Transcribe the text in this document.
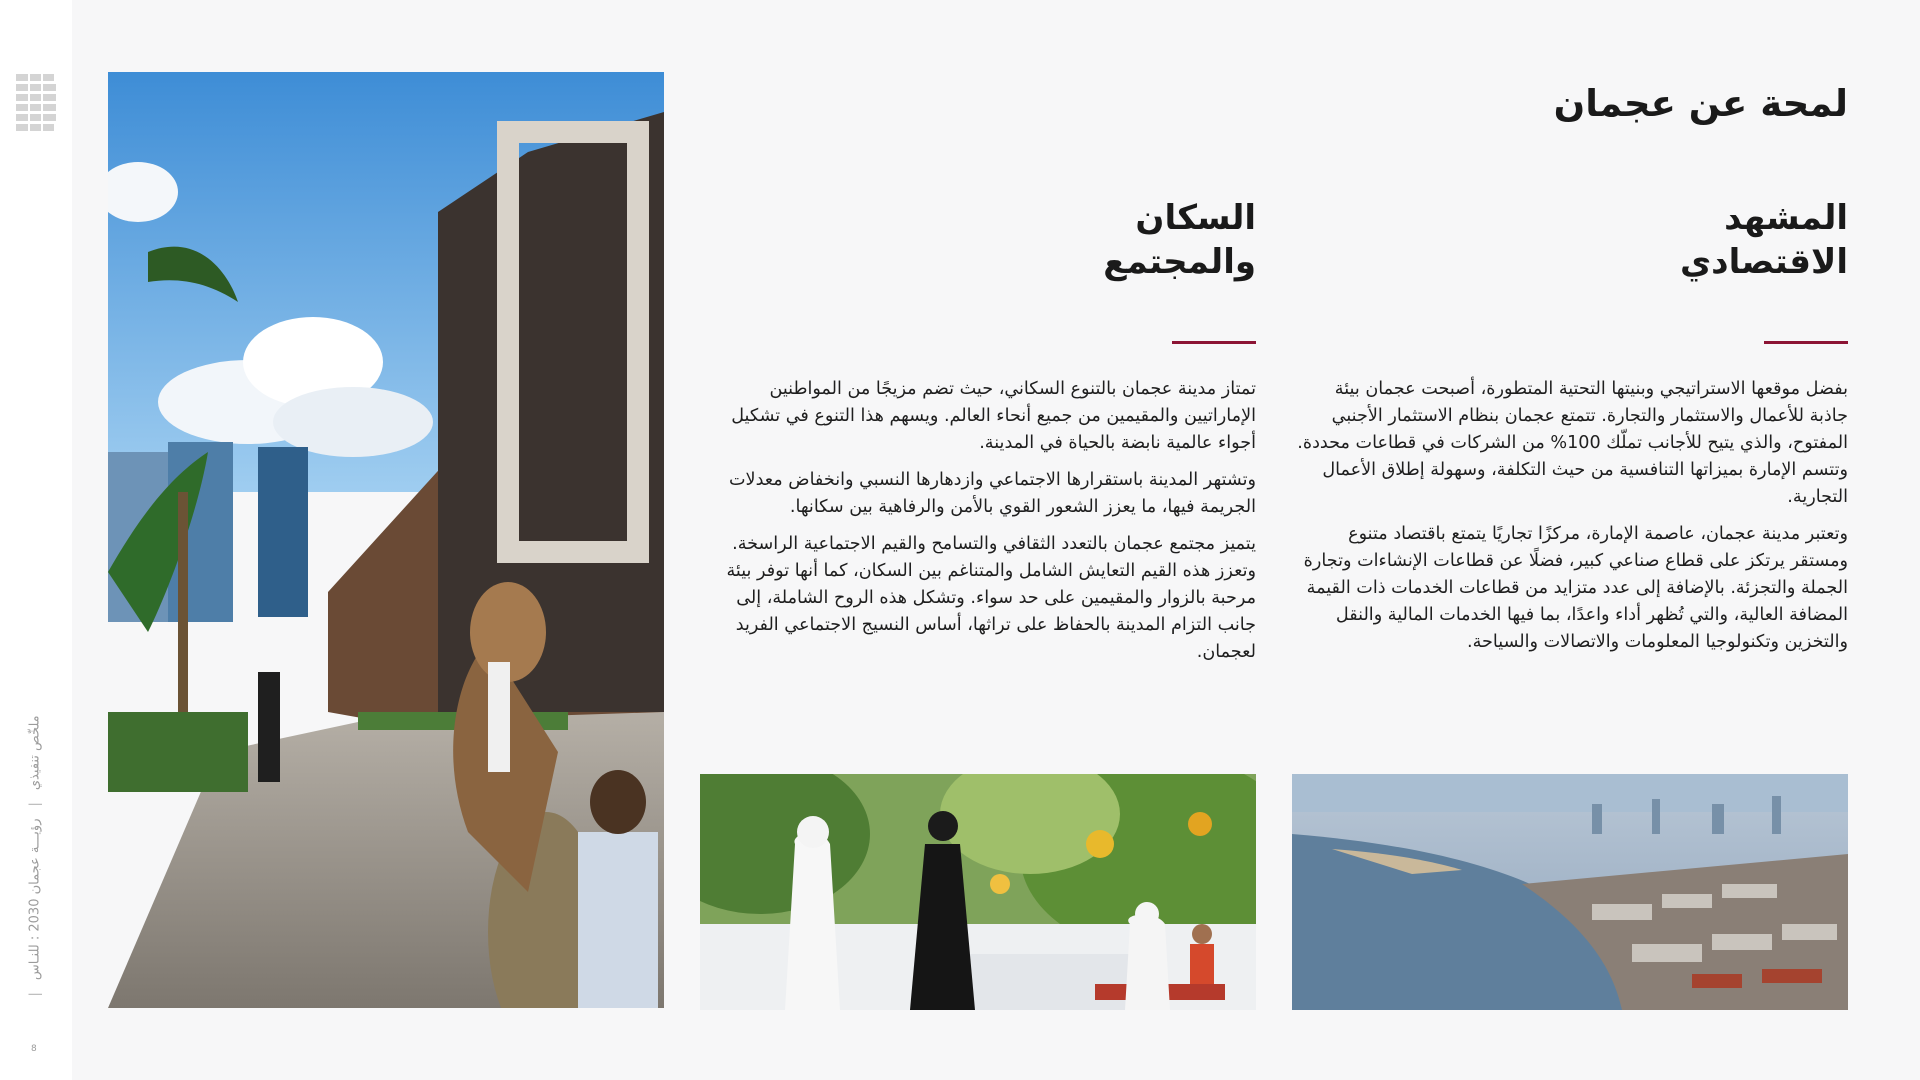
ملخّص تنفيذي|رؤيـــة عجمان 2030 : للنـاس|
8
لمحة عن عجمان
المشهد
الاقتصادي

بفضل موقعها الاستراتيجي وبنيتها التحتية المتطورة، أصبحت عجمان بيئة جاذبة للأعمال والاستثمار والتجارة. تتمتع عجمان بنظام الاستثمار الأجنبي المفتوح، والذي يتيح للأجانب تملّك 100% من الشركات في قطاعات محددة. وتتسم الإمارة بميزاتها التنافسية من حيث التكلفة، وسهولة إطلاق الأعمال التجارية.

وتعتبر مدينة عجمان، عاصمة الإمارة، مركزًا تجاريًا يتمتع باقتصاد متنوع ومستقر يرتكز على قطاع صناعي كبير، فضلًا عن قطاعات الإنشاءات وتجارة الجملة والتجزئة. بالإضافة إلى عدد متزايد من قطاعات الخدمات ذات القيمة المضافة العالية، والتي تُظهر أداء واعدًا، بما فيها الخدمات المالية والنقل والتخزين وتكنولوجيا المعلومات والاتصالات والسياحة.

السكان
والمجتمع

تمتاز مدينة عجمان بالتنوع السكاني، حيث تضم مزيجًا من المواطنين الإماراتيين والمقيمين من جميع أنحاء العالم. ويسهم هذا التنوع في تشكيل أجواء عالمية نابضة بالحياة في المدينة.

وتشتهر المدينة باستقرارها الاجتماعي وازدهارها النسبي وانخفاض معدلات الجريمة فيها، ما يعزز الشعور القوي بالأمن والرفاهية بين سكانها.

يتميز مجتمع عجمان بالتعدد الثقافي والتسامح والقيم الاجتماعية الراسخة. وتعزز هذه القيم التعايش الشامل والمتناغم بين السكان، كما أنها توفر بيئة مرحبة بالزوار والمقيمين على حد سواء. وتشكل هذه الروح الشاملة، إلى جانب التزام المدينة بالحفاظ على تراثها، أساس النسيج الاجتماعي الفريد لعجمان.
